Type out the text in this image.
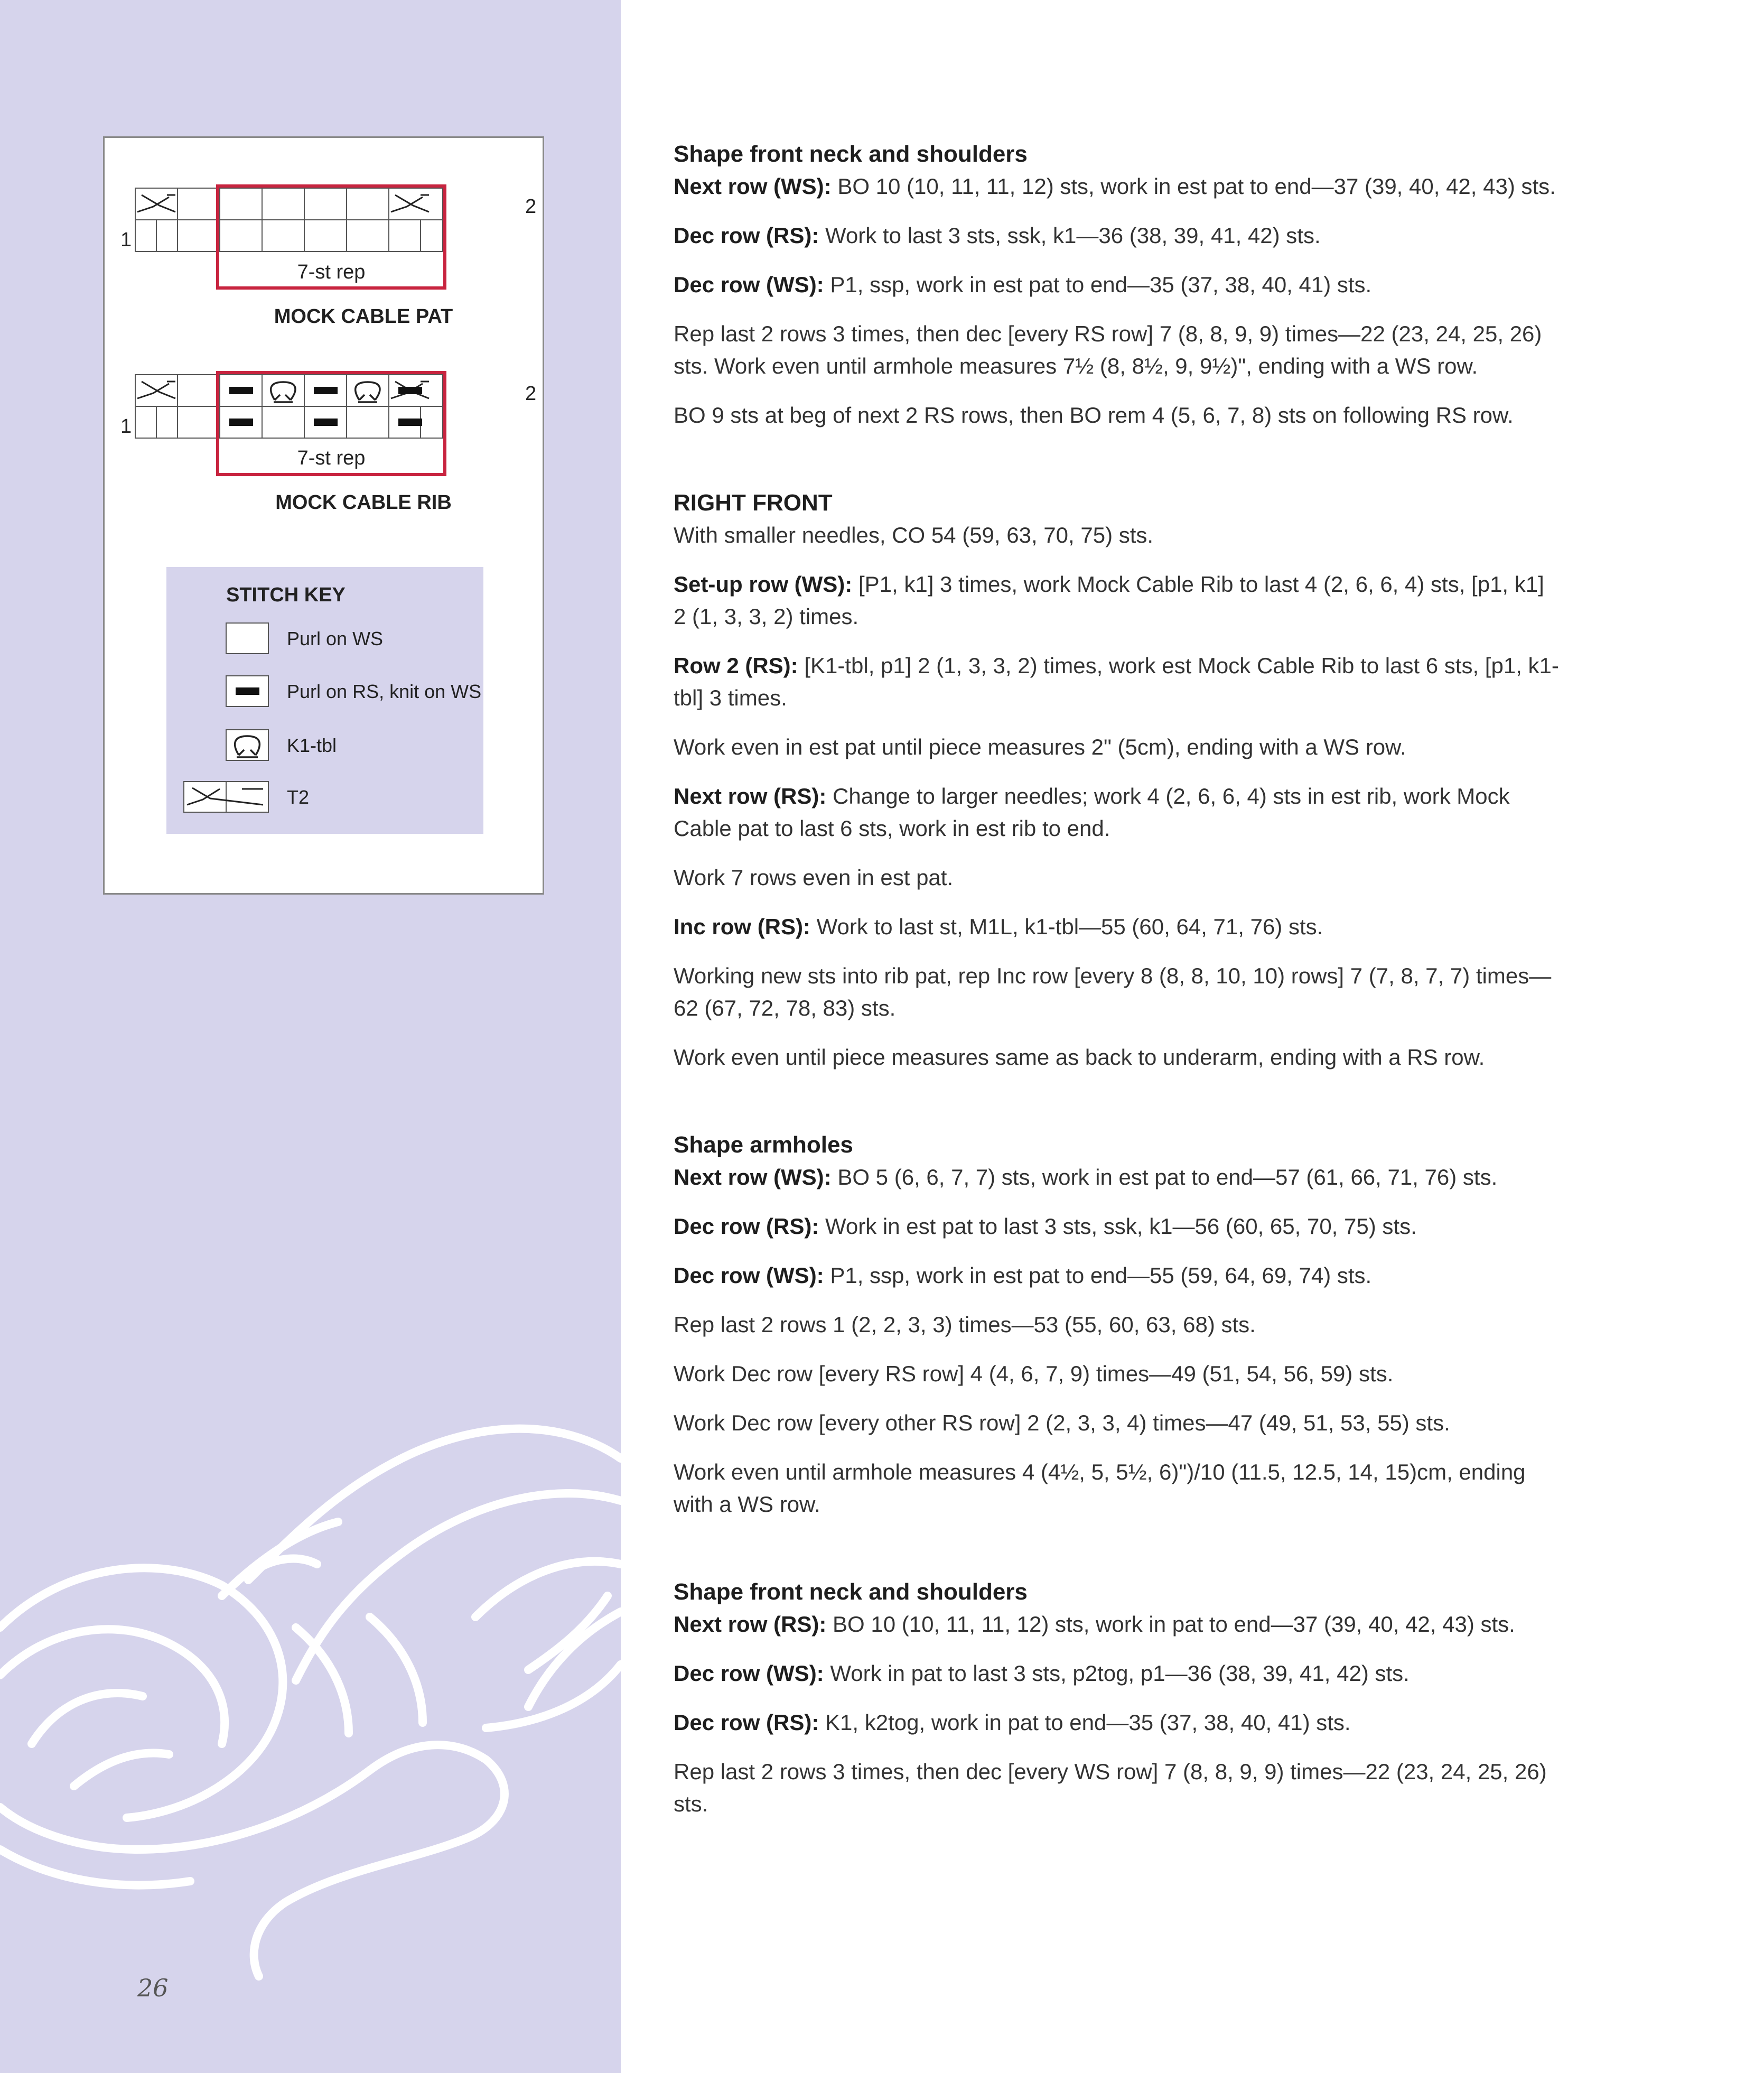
7-st rep
1
2
MOCK CABLE PAT
7-st rep
1
2
MOCK CABLE RIB
STITCH KEY
Purl on WS
Purl on RS, knit on WS
K1-tbl
T2
26
Shape front neck and shoulders

Next row (WS): BO 10 (10, 11, 11, 12) sts, work in est pat to end—37 (39, 40, 42, 43) sts.

Dec row (RS): Work to last 3 sts, ssk, k1—36 (38, 39, 41, 42) sts.

Dec row (WS): P1, ssp, work in est pat to end—35 (37, 38, 40, 41) sts.

Rep last 2 rows 3 times, then dec [every RS row] 7 (8, 8, 9, 9) times—22 (23, 24, 25, 26) sts. Work even until armhole measures 7½ (8, 8½, 9, 9½)", ending with a WS row.

BO 9 sts at beg of next 2 RS rows, then BO rem 4 (5, 6, 7, 8) sts on following RS row.

RIGHT FRONT

With smaller needles, CO 54 (59, 63, 70, 75) sts.

Set-up row (WS): [P1, k1] 3 times, work Mock Cable Rib to last 4 (2, 6, 6, 4) sts, [p1, k1] 2 (1, 3, 3, 2) times.

Row 2 (RS): [K1-tbl, p1] 2 (1, 3, 3, 2) times, work est Mock Cable Rib to last 6 sts, [p1, k1-tbl] 3 times.

Work even in est pat until piece measures 2" (5cm), ending with a WS row.

Next row (RS): Change to larger needles; work 4 (2, 6, 6, 4) sts in est rib, work Mock Cable pat to last 6 sts, work in est rib to end.

Work 7 rows even in est pat.

Inc row (RS): Work to last st, M1L, k1-tbl—55 (60, 64, 71, 76) sts.

Working new sts into rib pat, rep Inc row [every 8 (8, 8, 10, 10) rows] 7 (7, 8, 7, 7) times—62 (67, 72, 78, 83) sts.

Work even until piece measures same as back to underarm, ending with a RS row.

Shape armholes

Next row (WS): BO 5 (6, 6, 7, 7) sts, work in est pat to end—57 (61, 66, 71, 76) sts.

Dec row (RS): Work in est pat to last 3 sts, ssk, k1—56 (60, 65, 70, 75) sts.

Dec row (WS): P1, ssp, work in est pat to end—55 (59, 64, 69, 74) sts.

Rep last 2 rows 1 (2, 2, 3, 3) times—53 (55, 60, 63, 68) sts.

Work Dec row [every RS row] 4 (4, 6, 7, 9) times—49 (51, 54, 56, 59) sts.

Work Dec row [every other RS row] 2 (2, 3, 3, 4) times—47 (49, 51, 53, 55) sts.

Work even until armhole measures 4 (4½, 5, 5½, 6)")/10 (11.5, 12.5, 14, 15)cm, ending with a WS row.

Shape front neck and shoulders

Next row (RS): BO 10 (10, 11, 11, 12) sts, work in pat to end—37 (39, 40, 42, 43) sts.

Dec row (WS): Work in pat to last 3 sts, p2tog, p1—36 (38, 39, 41, 42) sts.

Dec row (RS): K1, k2tog, work in pat to end—35 (37, 38, 40, 41) sts.

Rep last 2 rows 3 times, then dec [every WS row] 7 (8, 8, 9, 9) times—22 (23, 24, 25, 26) sts.
